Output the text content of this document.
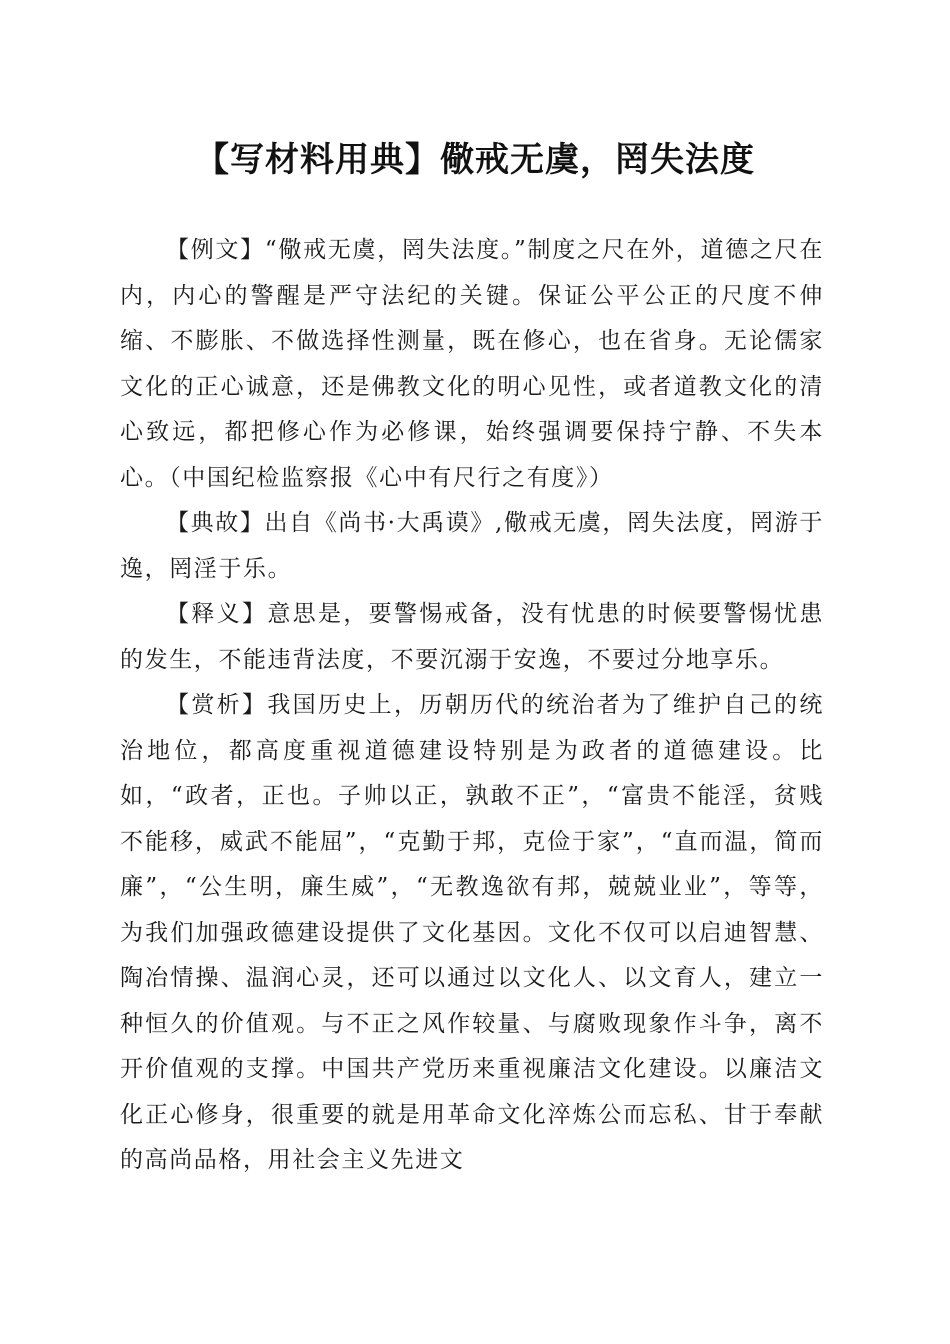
【写材料用典】儆戒无虞，罔失法度

【例文】“儆戒无虞，罔失法度。”制度之尺在外，道德之尺在内，内心的警醒是严守法纪的关键。保证公平公正的尺度不伸缩、不膨胀、不做选择性测量，既在修心，也在省身。无论儒家文化的正心诚意，还是佛教文化的明心见性，或者道教文化的清心致远，都把修心作为必修课，始终强调要保持宁静、不失本心。（中国纪检监察报《心中有尺行之有度》）

【典故】出自《尚书·大禹谟》,儆戒无虞，罔失法度，罔游于逸，罔淫于乐。

【释义】意思是，要警惕戒备，没有忧患的时候要警惕忧患的发生，不能违背法度，不要沉溺于安逸，不要过分地享乐。

【赏析】我国历史上，历朝历代的统治者为了维护自己的统治地位，都高度重视道德建设特别是为政者的道德建设。比如，“政者，正也。子帅以正，孰敢不正”，“富贵不能淫，贫贱不能移，威武不能屈”，“克勤于邦，克俭于家”，“直而温，简而廉”，“公生明，廉生威”，“无教逸欲有邦，兢兢业业”，等等，为我们加强政德建设提供了文化基因。文化不仅可以启迪智慧、陶冶情操、温润心灵，还可以通过以文化人、以文育人，建立一种恒久的价值观。与不正之风作较量、与腐败现象作斗争，离不开价值观的支撑。中国共产党历来重视廉洁文化建设。以廉洁文化正心修身，很重要的就是用革命文化淬炼公而忘私、甘于奉献的高尚品格，用社会主义先进文
